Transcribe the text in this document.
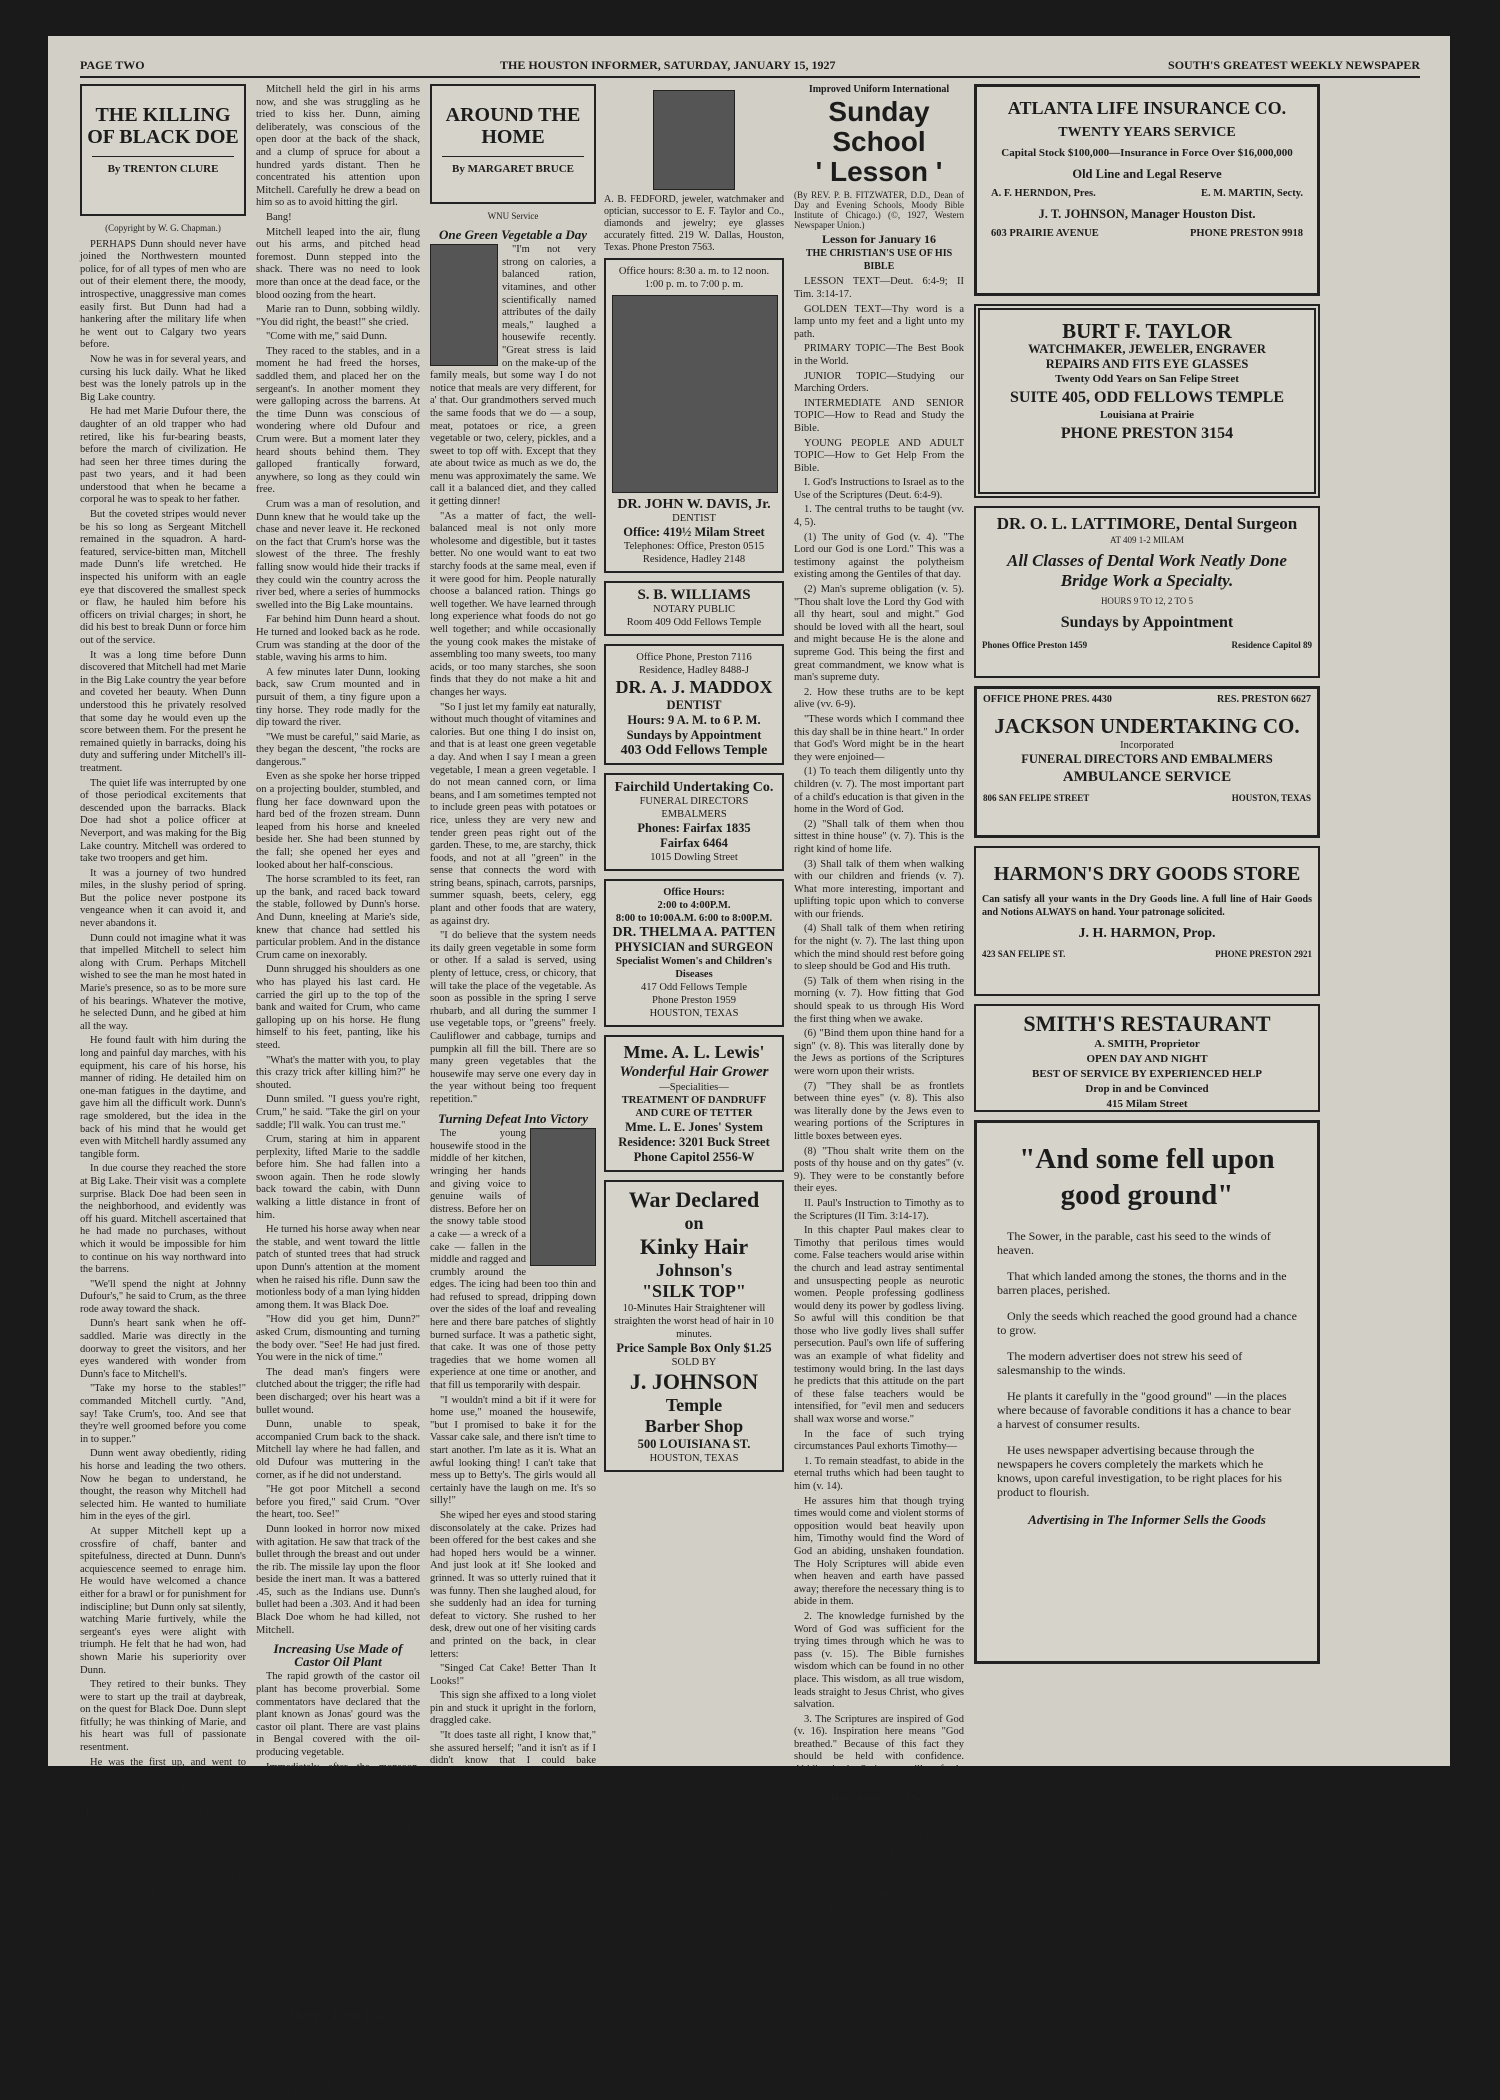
PAGE TWO	THE HOUSTON INFORMER, SATURDAY, JANUARY 15, 1927	SOUTH'S GREATEST WEEKLY NEWSPAPER
THE KILLING OF BLACK DOE
By TRENTON CLURE
(Copyright by W. G. Chapman.)

PERHAPS Dunn should never have joined the Northwestern mounted police, for of all types of men who are out of their element there, the moody, introspective, unaggressive man comes easily first. But Dunn had had a hankering after the military life when he went out to Calgary two years before.

Now he was in for several years, and cursing his luck daily. What he liked best was the lonely patrols up in the Big Lake country.

He had met Marie Dufour there, the daughter of an old trapper who had retired, like his fur-bearing beasts, before the march of civilization. He had seen her three times during the past two years, and it had been understood that when he became a corporal he was to speak to her father.

But the coveted stripes would never be his so long as Sergeant Mitchell remained in the squadron. A hard-featured, service-bitten man, Mitchell made Dunn's life wretched. He inspected his uniform with an eagle eye that discovered the smallest speck or flaw, he hauled him before his officers on trivial charges; in short, he did his best to break Dunn or force him out of the service.

It was a long time before Dunn discovered that Mitchell had met Marie in the Big Lake country the year before and coveted her beauty. When Dunn understood this he privately resolved that some day he would even up the score between them. For the present he remained quietly in barracks, doing his duty and suffering under Mitchell's ill-treatment.

The quiet life was interrupted by one of those periodical excitements that descended upon the barracks. Black Doe had shot a police officer at Neverport, and was making for the Big Lake country. Mitchell was ordered to take two troopers and get him.

It was a journey of two hundred miles, in the slushy period of spring. But the police never postpone its vengeance when it can avoid it, and never abandons it.

Dunn could not imagine what it was that impelled Mitchell to select him along with Crum. Perhaps Mitchell wished to see the man he most hated in Marie's presence, so as to be more sure of his bearings. Whatever the motive, he selected Dunn, and he gibed at him all the way.

He found fault with him during the long and painful day marches, with his equipment, his care of his horse, his manner of riding. He detailed him on one-man fatigues in the daytime, and gave him all the difficult work. Dunn's rage smoldered, but the idea in the back of his mind that he would get even with Mitchell hardly assumed any tangible form.

In due course they reached the store at Big Lake. Their visit was a complete surprise. Black Doe had been seen in the neighborhood, and evidently was off his guard. Mitchell ascertained that he had made no purchases, without which it would be impossible for him to continue on his way northward into the barrens.

"We'll spend the night at Johnny Dufour's," he said to Crum, as the three rode away toward the shack.

Dunn's heart sank when he off-saddled. Marie was directly in the doorway to greet the visitors, and her eyes wandered with wonder from Dunn's face to Mitchell's.

"Take my horse to the stables!" commanded Mitchell curtly. "And, say! Take Crum's, too. And see that they're well groomed before you come in to supper."

Dunn went away obediently, riding his horse and leading the two others. Now he began to understand, he thought, the reason why Mitchell had selected him. He wanted to humiliate him in the eyes of the girl.

At supper Mitchell kept up a crossfire of chaff, banter and spitefulness, directed at Dunn. Dunn's acquiescence seemed to enrage him. He would have welcomed a chance either for a brawl or for punishment for indiscipline; but Dunn only sat silently, watching Marie furtively, while the sergeant's eyes were alight with triumph. He felt that he had won, had shown Marie his superiority over Dunn.

They retired to their bunks. They were to start up the trail at daybreak, on the quest for Black Doe. Dunn slept fitfully; he was thinking of Marie, and his heart was full of passionate resentment.

He was the first up, and went to groom the horses. As he came back to the shack, he heard Mitchell's voice and the girl's behind the open door. Mitchell had his arm round her waist and was drawing her toward him. Crum was nowhere in sight.

Then Dunn knew what he meant to do. He crept back very softly to the stable and loaded his rifle. He took it in his arms, carrying it as a mother might her first born, and approached the door again.

Mitchell held the girl in his arms now, and she was struggling as he tried to kiss her. Dunn, aiming deliberately, was conscious of the open door at the back of the shack, and a clump of spruce for about a hundred yards distant. Then he concentrated his attention upon Mitchell. Carefully he drew a bead on him so as to avoid hitting the girl.

Bang!

Mitchell leaped into the air, flung out his arms, and pitched head foremost. Dunn stepped into the shack. There was no need to look more than once at the dead face, or the blood oozing from the heart.

Marie ran to Dunn, sobbing wildly. "You did right, the beast!" she cried.

"Come with me," said Dunn.

They raced to the stables, and in a moment he had freed the horses, saddled them, and placed her on the sergeant's. In another moment they were galloping across the barrens. At the time Dunn was conscious of wondering where old Dufour and Crum were. But a moment later they heard shouts behind them. They galloped frantically forward, anywhere, so long as they could win free.

Crum was a man of resolution, and Dunn knew that he would take up the chase and never leave it. He reckoned on the fact that Crum's horse was the slowest of the three. The freshly falling snow would hide their tracks if they could win the country across the river bed, where a series of hummocks swelled into the Big Lake mountains.

Far behind him Dunn heard a shout. He turned and looked back as he rode. Crum was standing at the door of the stable, waving his arms to him.

A few minutes later Dunn, looking back, saw Crum mounted and in pursuit of them, a tiny figure upon a tiny horse. They rode madly for the dip toward the river.

"We must be careful," said Marie, as they began the descent, "the rocks are dangerous."

Even as she spoke her horse tripped on a projecting boulder, stumbled, and flung her face downward upon the hard bed of the frozen stream. Dunn leaped from his horse and kneeled beside her. She had been stunned by the fall; she opened her eyes and looked about her half-conscious.

The horse scrambled to its feet, ran up the bank, and raced back toward the stable, followed by Dunn's horse. And Dunn, kneeling at Marie's side, knew that chance had settled his particular problem. And in the distance Crum came on inexorably.

Dunn shrugged his shoulders as one who has played his last card. He carried the girl up to the top of the bank and waited for Crum, who came galloping up on his horse. He flung himself to his feet, panting, like his steed.

"What's the matter with you, to play this crazy trick after killing him?" he shouted.

Dunn smiled. "I guess you're right, Crum," he said. "Take the girl on your saddle; I'll walk. You can trust me."

Crum, staring at him in apparent perplexity, lifted Marie to the saddle before him. She had fallen into a swoon again. Then he rode slowly back toward the cabin, with Dunn walking a little distance in front of him.

He turned his horse away when near the stable, and went toward the little patch of stunted trees that had struck upon Dunn's attention at the moment when he raised his rifle. Dunn saw the motionless body of a man lying hidden among them. It was Black Doe.

"How did you get him, Dunn?" asked Crum, dismounting and turning the body over. "See! He had just fired. You were in the nick of time."

The dead man's fingers were clutched about the trigger; the rifle had been discharged; over his heart was a bullet wound.

Dunn, unable to speak, accompanied Crum back to the shack. Mitchell lay where he had fallen, and old Dufour was muttering in the corner, as if he did not understand.

"He got poor Mitchell a second before you fired," said Crum. "Over the heart, too. See!"

Dunn looked in horror now mixed with agitation. He saw that track of the bullet through the breast and out under the rib. The missile lay upon the floor beside the inert man. It was a battered .45, such as the Indians use. Dunn's bullet had been a .303. And it had been Black Doe whom he had killed, not Mitchell.

Increasing Use Made of Castor Oil Plant

The rapid growth of the castor oil plant has become proverbial. Some commentators have declared that the plant known as Jonas' gourd was the castor oil plant. There are vast plains in Bengal covered with the oil-producing vegetable.

Immediately after the monsoon, when the water has receded, the peasant rakes the mire and puts the oil plant seeds in the ground, two by two. The plants rapidly develop their great leaves and produce their fruit, which grows in groups of capsules, acquiring a coppery-green color mottled with purple and rich carmine. When the hot sun has dried the pods they burst. The women and children watch the pods and when the first crack appears they are ready to catch the precious seeds within.

When the seeds have dried a few days the natives toast them, crush them in a mortar, and plunge them in boiling water, when the oil rises to the surface.

Sheep's Long Fast

Seventeen days after being missed by an Osweestry (Eng.) farmer, a sheep was found inside a large water pipe near the Liverpool waterworks. The animal was quite frisky, in spite of the long fast.

AROUND THE HOME
By MARGARET BRUCE
WNU Service
One Green Vegetable a Day

"I'm not very strong on calories, a balanced ration, vitamines, and other scientifically named attributes of the daily meals," laughed a housewife recently. "Great stress is laid on the make-up of the family meals, but some way I do not notice that meals are very different, for a' that. Our grandmothers served much the same foods that we do — a soup, meat, potatoes or rice, a green vegetable or two, celery, pickles, and a sweet to top off with. Except that they ate about twice as much as we do, the menu was approximately the same. We call it a balanced diet, and they called it getting dinner!

"As a matter of fact, the well-balanced meal is not only more wholesome and digestible, but it tastes better. No one would want to eat two starchy foods at the same meal, even if it were good for him. People naturally choose a balanced ration. Things go well together. We have learned through long experience what foods do not go well together; and while occasionally the young cook makes the mistake of assembling too many sweets, too many acids, or too many starches, she soon finds that they do not make a hit and changes her ways.

"So I just let my family eat naturally, without much thought of vitamines and calories. But one thing I do insist on, and that is at least one green vegetable a day. And when I say I mean a green vegetable, I mean a green vegetable. I do not mean canned corn, or lima beans, and I am sometimes tempted not to include green peas with potatoes or rice, unless they are very new and tender green peas right out of the garden. These, to me, are starchy, thick foods, and not at all "green" in the sense that connects the word with string beans, spinach, carrots, parsnips, summer squash, beets, celery, egg plant and other foods that are watery, as against dry.

"I do believe that the system needs its daily green vegetable in some form or other. If a salad is served, using plenty of lettuce, cress, or chicory, that will take the place of the vegetable. As soon as possible in the spring I serve rhubarb, and all during the summer I use vegetable tops, or "greens" freely. Cauliflower and cabbage, turnips and pumpkin all fill the bill. There are so many green vegetables that the housewife may serve one every day in the year without being too frequent repetition."

Turning Defeat Into Victory

The young housewife stood in the middle of her kitchen, wringing her hands and giving voice to genuine wails of distress. Before her on the snowy table stood a cake — a wreck of a cake — fallen in the middle and ragged and crumbly around the edges. The icing had been too thin and had refused to spread, dripping down over the sides of the loaf and revealing here and there bare patches of slightly burned surface. It was a pathetic sight, that cake. It was one of those petty tragedies that we home women all experience at one time or another, and that fill us temporarily with despair.

"I wouldn't mind a bit if it were for home use," moaned the housewife, "but I promised to bake it for the Vassar cake sale, and there isn't time to start another. I'm late as it is. What an awful looking thing! I can't take that mess up to Betty's. The girls would all certainly have the laugh on me. It's so silly!"

She wiped her eyes and stood staring disconsolately at the cake. Prizes had been offered for the best cakes and she had hoped hers would be a winner. And just look at it! She looked and grinned. It was so utterly ruined that it was funny. Then she laughed aloud, for she suddenly had an idea for turning defeat to victory. She rushed to her desk, drew out one of her visiting cards and printed on the back, in clear letters:

"Singed Cat Cake! Better Than It Looks!"

This sign she affixed to a long violet pin and stuck it upright in the forlorn, draggled cake.

"It does taste all right, I know that," she assured herself; "and it isn't as if I didn't know that I could bake wonderful cake — sometimes! I'll take it along to the sale and let it go at that. I'm a good sport!"

The singed cat cake was the sensation of the sale, being greeted with shrieks of laughter, and winning — well, a consolation prize, anyway.

"A cake may be down, but it's never out!" voted the judges amid the general hilarity.

(Copyright)
A. B. FEDFORD, jeweler, watchmaker and optician, successor to E. F. Taylor and Co., diamonds and jewelry; eye glasses accurately fitted. 219 W. Dallas, Houston, Texas. Phone Preston 7563.
Office hours: 8:30 a. m. to 12 noon. 1:00 p. m. to 7:00 p. m.
DR. JOHN W. DAVIS, Jr.
DENTIST
Office: 419½ Milam Street
Telephones: Office, Preston 0515
Residence, Hadley 2148
S. B. WILLIAMS
NOTARY PUBLIC
Room 409 Odd Fellows Temple
Office Phone, Preston 7116
Residence, Hadley 8488-J
DR. A. J. MADDOX
DENTIST
Hours: 9 A. M. to 6 P. M.
Sundays by Appointment
403 Odd Fellows Temple
Fairchild Undertaking Co.
FUNERAL DIRECTORS EMBALMERS
Phones: Fairfax 1835
Fairfax 6464
1015 Dowling Street
Office Hours:
2:00 to 4:00P.M.
8:00 to 10:00A.M. 6:00 to 8:00P.M.
DR. THELMA A. PATTEN
PHYSICIAN and SURGEON
Specialist Women's and Children's Diseases
417 Odd Fellows Temple
Phone Preston 1959
HOUSTON, TEXAS
Mme. A. L. Lewis'
Wonderful Hair Grower
—Specialities—
TREATMENT OF DANDRUFF AND CURE OF TETTER
Mme. L. E. Jones' System
Residence: 3201 Buck Street
Phone Capitol 2556-W
War Declared
on
Kinky Hair
Johnson's
"SILK TOP"
10-Minutes Hair Straightener will straighten the worst head of hair in 10 minutes.
Price Sample Box Only $1.25
SOLD BY
J. JOHNSON
Temple
Barber Shop
500 LOUISIANA ST.
HOUSTON, TEXAS
Improved Uniform International
Sunday School
' Lesson '
(By REV. P. B. FITZWATER, D.D., Dean of Day and Evening Schools, Moody Bible Institute of Chicago.) (©, 1927, Western Newspaper Union.)
Lesson for January 16
THE CHRISTIAN'S USE OF HIS BIBLE

LESSON TEXT—Deut. 6:4-9; II Tim. 3:14-17.

GOLDEN TEXT—Thy word is a lamp unto my feet and a light unto my path.

PRIMARY TOPIC—The Best Book in the World.

JUNIOR TOPIC—Studying our Marching Orders.

INTERMEDIATE AND SENIOR TOPIC—How to Read and Study the Bible.

YOUNG PEOPLE AND ADULT TOPIC—How to Get Help From the Bible.

I. God's Instructions to Israel as to the Use of the Scriptures (Deut. 6:4-9).

1. The central truths to be taught (vv. 4, 5).

(1) The unity of God (v. 4). "The Lord our God is one Lord." This was a testimony against the polytheism existing among the Gentiles of that day.

(2) Man's supreme obligation (v. 5). "Thou shalt love the Lord thy God with all thy heart, soul and might." God should be loved with all the heart, soul and might because He is the alone and supreme God. This being the first and great commandment, we know what is man's supreme duty.

2. How these truths are to be kept alive (vv. 6-9).

"These words which I command thee this day shall be in thine heart." In order that God's Word might be in the heart they were enjoined—

(1) To teach them diligently unto thy children (v. 7). The most important part of a child's education is that given in the home in the Word of God.

(2) "Shall talk of them when thou sittest in thine house" (v. 7). This is the right kind of home life.

(3) Shall talk of them when walking with our children and friends (v. 7). What more interesting, important and uplifting topic upon which to converse with our friends.

(4) Shall talk of them when retiring for the night (v. 7). The last thing upon which the mind should rest before going to sleep should be God and His truth.

(5) Talk of them when rising in the morning (v. 7). How fitting that God should speak to us through His Word the first thing when we awake.

(6) "Bind them upon thine hand for a sign" (v. 8). This was literally done by the Jews as portions of the Scriptures were worn upon their wrists.

(7) "They shall be as frontlets between thine eyes" (v. 8). This also was literally done by the Jews even to wearing portions of the Scriptures in little boxes between eyes.

(8) "Thou shalt write them on the posts of thy house and on thy gates" (v. 9). They were to be constantly before their eyes.

II. Paul's Instruction to Timothy as to the Scriptures (II Tim. 3:14-17).

In this chapter Paul makes clear to Timothy that perilous times would come. False teachers would arise within the church and lead astray sentimental and unsuspecting people as neurotic women. People professing godliness would deny its power by godless living. So awful will this condition be that those who live godly lives shall suffer persecution. Paul's own life of suffering was an example of what fidelity and testimony would bring. In the last days he predicts that this attitude on the part of these false teachers would be intensified, for "evil men and seducers shall wax worse and worse."

In the face of such trying circumstances Paul exhorts Timothy—

1. To remain steadfast, to abide in the eternal truths which had been taught to him (v. 14).

He assures him that though trying times would come and violent storms of opposition would beat heavily upon him, Timothy would find the Word of God an abiding, unshaken foundation. The Holy Scriptures will abide even when heaven and earth have passed away; therefore the necessary thing is to abide in them.

2. The knowledge furnished by the Word of God was sufficient for the trying times through which he was to pass (v. 15). The Bible furnishes wisdom which can be found in no other place. This wisdom, as all true wisdom, leads straight to Jesus Christ, who gives salvation.

3. The Scriptures are inspired of God (v. 16). Inspiration here means "God breathed." Because of this fact they should be held with confidence. Abiding in the Scriptures will perfectly equip the minister for his work (v. 17).

How Jesus Saw Men

Jesus divided men into two classes and no more; either on the narrow or on the broad way; either a good tree or a bad tree; either a wise or a foolish builder; in a word, either for Christ or against Him.—Plummer.

Service

The quality of the service is the measure of the result. It is not length of service, but intensity, sincerity, enthusiasm that tells.—R. J. Campbell.

ATLANTA LIFE INSURANCE CO.
TWENTY YEARS SERVICE
Capital Stock $100,000—Insurance in Force Over $16,000,000
Old Line and Legal Reserve
A. F. HERNDON, Pres.	E. M. MARTIN, Secty.
J. T. JOHNSON, Manager Houston Dist.
603 PRAIRIE AVENUE	PHONE PRESTON 9918
BURT F. TAYLOR
WATCHMAKER, JEWELER, ENGRAVER
REPAIRS AND FITS EYE GLASSES
Twenty Odd Years on San Felipe Street
SUITE 405, ODD FELLOWS TEMPLE
Louisiana at Prairie
PHONE PRESTON 3154
DR. O. L. LATTIMORE, Dental Surgeon
AT 409 1-2 MILAM
All Classes of Dental Work Neatly Done
Bridge Work a Specialty.
HOURS 9 TO 12, 2 TO 5
Sundays by Appointment
Phones Office Preston 1459	Residence Capitol 89
OFFICE PHONE PRES. 4430	RES. PRESTON 6627
JACKSON UNDERTAKING CO.
Incorporated
FUNERAL DIRECTORS AND EMBALMERS
AMBULANCE SERVICE
806 SAN FELIPE STREET	HOUSTON, TEXAS
HARMON'S DRY GOODS STORE
Can satisfy all your wants in the Dry Goods line. A full line of Hair Goods and Notions ALWAYS on hand. Your patronage solicited.
J. H. HARMON, Prop.
423 SAN FELIPE ST.	PHONE PRESTON 2921
SMITH'S RESTAURANT
A. SMITH, Proprietor
OPEN DAY AND NIGHT
BEST OF SERVICE BY EXPERIENCED HELP
Drop in and be Convinced
415 Milam Street
"And some fell upon good ground"

The Sower, in the parable, cast his seed to the winds of heaven.

That which landed among the stones, the thorns and in the barren places, perished.

Only the seeds which reached the good ground had a chance to grow.

The modern advertiser does not strew his seed of salesmanship to the winds.

He plants it carefully in the "good ground" —in the places where because of favorable conditions it has a chance to bear a harvest of consumer results.

He uses newspaper advertising because through the newspapers he covers completely the markets which he knows, upon careful investigation, to be right places for his product to flourish.

Advertising in The Informer Sells the Goods
